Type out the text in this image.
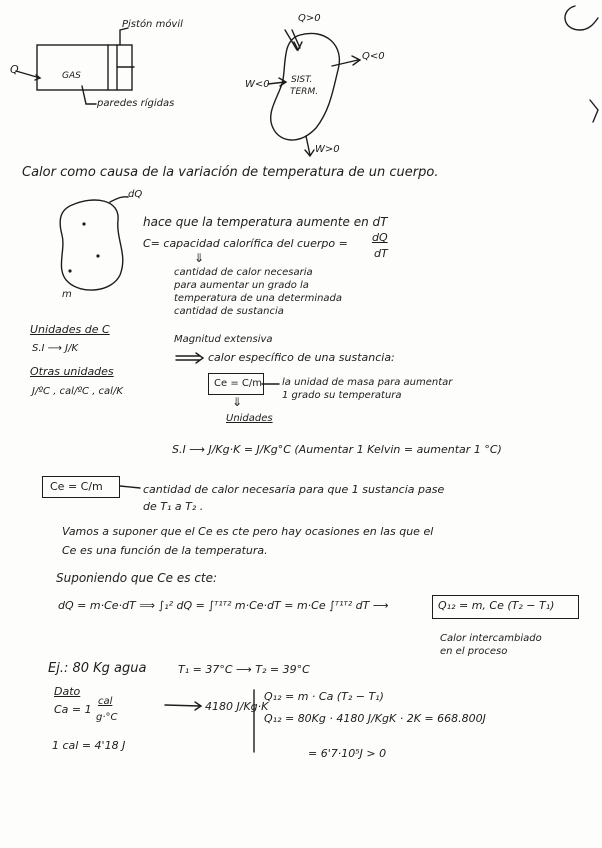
Pistón móvil
Q	GAS
paredes rígidas
Q>0
Q<0
W<0 SIST.
TERM.
W>0
Calor como causa de la variación de temperatura de un cuerpo.
dQ
m
hace que la temperatura aumente en dT
C= capacidad calorífica del cuerpo = dQ
dT
⇓
cantidad de calor necesaria
para aumentar un grado la
temperatura de una determinada
cantidad de sustancia
Unidades de C
S.I ⟶ J/K
Otras unidades
J/ºC , cal/ºC , cal/K
Magnitud extensiva
calor específico de una sustancia:
Ce = C/m la unidad de masa para aumentar
1 grado su temperatura
⇓
Unidades
S.I ⟶ J/Kg·K = J/Kg°C (Aumentar 1 Kelvin = aumentar 1 °C)
Ce = C/m	cantidad de calor necesaria para que 1 sustancia pase
de T₁ a T₂ .
Vamos a suponer que el Ce es cte pero hay ocasiones en las que el
Ce es una función de la temperatura.
Suponiendo que Ce es cte:
dQ = m·Ce·dT ⟹ ∫₁² dQ = ∫ᵀ¹ᵀ² m·Ce·dT = m·Ce ∫ᵀ¹ᵀ² dT ⟶	Q₁₂ = m, Ce (T₂ − T₁)
Calor intercambiado
en el proceso
Ej.: 80 Kg agua	T₁ = 37°C ⟶ T₂ = 39°C
Dato
Ca = 1
cal
g·°C
4180 J/Kg·K
1 cal = 4'18 J
Q₁₂ = m · Ca (T₂ − T₁)
Q₁₂ = 80Kg · 4180 J/KgK · 2K = 668.800J
= 6'7·10⁵J > 0
